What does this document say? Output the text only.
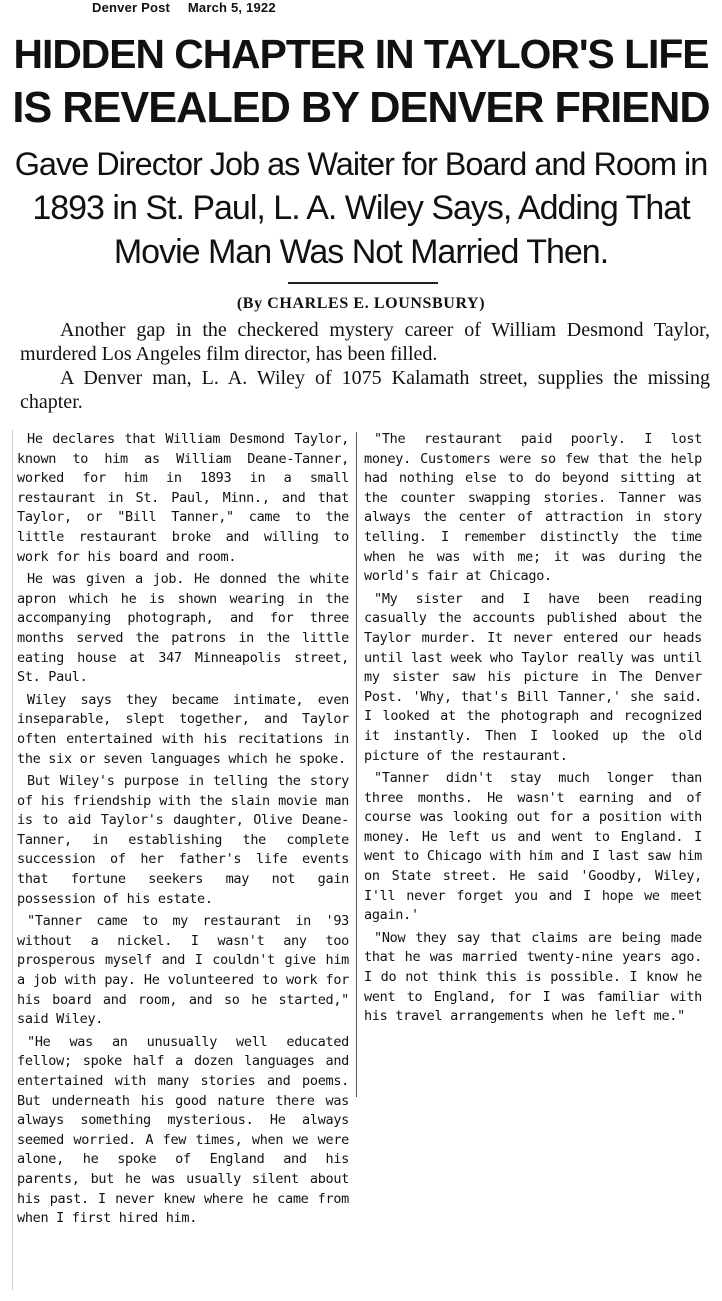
Denver Post March 5, 1922
HIDDEN CHAPTER IN TAYLOR'S LIFE
IS REVEALED BY DENVER FRIEND
Gave Director Job as Waiter for Board and Room in
1893 in St. Paul, L. A. Wiley Says, Adding That
Movie Man Was Not Married Then.
(By CHARLES E. LOUNSBURY)

Another gap in the checkered mystery career of William Desmond Taylor, murdered Los Angeles film director, has been filled.

A Denver man, L. A. Wiley of 1075 Kalamath street, supplies the missing chapter.

He declares that William Desmond Taylor, known to him as William Deane-Tanner, worked for him in 1893 in a small restaurant in St. Paul, Minn., and that Taylor, or "Bill Tanner," came to the little restaurant broke and willing to work for his board and room.

He was given a job. He donned the white apron which he is shown wearing in the accompanying photograph, and for three months served the patrons in the little eating house at 347 Minneapolis street, St. Paul.

Wiley says they became intimate, even inseparable, slept together, and Taylor often entertained with his recitations in the six or seven languages which he spoke.

But Wiley's purpose in telling the story of his friendship with the slain movie man is to aid Taylor's daughter, Olive Deane-Tanner, in establishing the complete succession of her father's life events that fortune seekers may not gain possession of his estate.

"Tanner came to my restaurant in '93 without a nickel. I wasn't any too prosperous myself and I couldn't give him a job with pay. He volunteered to work for his board and room, and so he started," said Wiley.

"He was an unusually well educated fellow; spoke half a dozen languages and entertained with many stories and poems. But underneath his good nature there was always something mysterious. He always seemed worried. A few times, when we were alone, he spoke of England and his parents, but he was usually silent about his past. I never knew where he came from when I first hired him.

"The restaurant paid poorly. I lost money. Customers were so few that the help had nothing else to do beyond sitting at the counter swapping stories. Tanner was always the center of attraction in story telling. I remember distinctly the time when he was with me; it was during the world's fair at Chicago.

"My sister and I have been reading casually the accounts published about the Taylor murder. It never entered our heads until last week who Taylor really was until my sister saw his picture in The Denver Post. 'Why, that's Bill Tanner,' she said. I looked at the photograph and recognized it instantly. Then I looked up the old picture of the restaurant.

"Tanner didn't stay much longer than three months. He wasn't earning and of course was looking out for a position with money. He left us and went to England. I went to Chicago with him and I last saw him on State street. He said 'Goodby, Wiley, I'll never forget you and I hope we meet again.'

"Now they say that claims are being made that he was married twenty-nine years ago. I do not think this is possible. I know he went to England, for I was familiar with his travel arrangements when he left me."
